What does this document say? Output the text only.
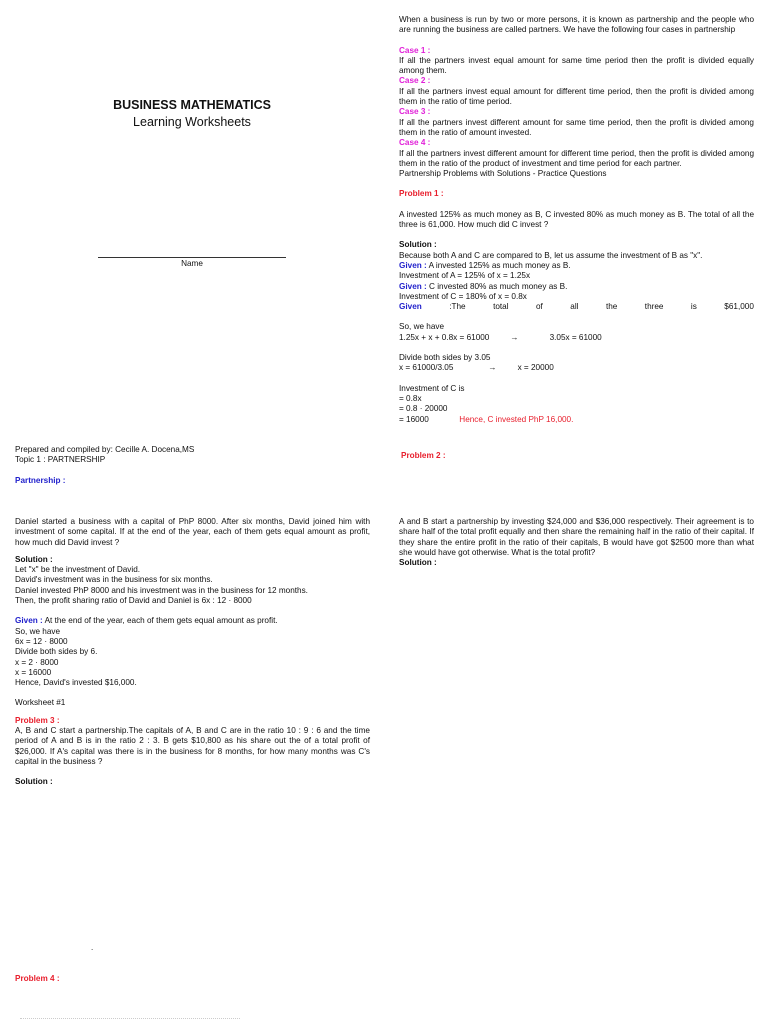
BUSINESS MATHEMATICS
Learning Worksheets
Name

Prepared and compiled by: Cecille A. Docena,MS

Topic 1 : PARTNERSHIP

Partnership :

Daniel started a business with a capital of PhP 8000. After six months, David joined him with investment of some capital. If at the end of the year, each of them gets equal amount as profit, how much did David invest ?

Solution :

Let "x" be the investment of David.

David's investment was in the business for six months.

Daniel invested PhP 8000 and his investment was in the business for 12 months.

Then, the profit sharing ratio of David and Daniel is 6x : 12 · 8000

Given : At the end of the year, each of them gets equal amount as profit.

So, we have

6x = 12 · 8000

Divide both sides by 6.

x = 2 · 8000

x = 16000

Hence, David's invested $16,000.

Worksheet #1

Problem 3 :

A, B and C start a partnership.The capitals of A, B and C are in the ratio 10 : 9 : 6 and the time period of A and B is in the ratio 2 : 3. B gets $10,800 as his share out the of a total profit of $26,000. If A's capital was there is in the business for 8 months, for how many months was C's capital in the business ?

Solution :

.
Problem 4 :

When a business is run by two or more persons, it is known as partnership and the people who are running the business are called partners. We have the following four cases in partnership

Case 1 :

If all the partners invest equal amount for same time period then the profit is divided equally among them.

Case 2 :

If all the partners invest equal amount for different time period, then the profit is divided among them in the ratio of time period.

Case 3 :

If all the partners invest different amount for same time period, then the profit is divided among them in the ratio of amount invested.

Case 4 :

If all the partners invest different amount for different time period, then the profit is divided among them in the ratio of the product of investment and time period for each partner.

Partnership Problems with Solutions - Practice Questions

Problem 1 :

A invested 125% as much money as B, C invested 80% as much money as B. The total of all the three is 61,000. How much did C invest ?

Solution :

Because both A and C are compared to B, let us assume the investment of B as "x".

Given : A invested 125% as much money as B.

Investment of A = 125% of x = 1.25x

Given : C invested 80% as much money as B.

Investment of C = 180% of x = 0.8x

Given	:The	total	of	all	the	three	is	$61,000

So, we have

1.25x + x + 0.8x = 61000	→	3.05x = 61000

Divide both sides by 3.05

x = 61000/3.05	→	x = 20000

Investment of C is

= 0.8x

= 0.8 · 20000

= 16000	Hence, C invested PhP 16,000.

Problem 2 :

A and B start a partnership by investing $24,000 and $36,000 respectively. Their agreement is to share half of the total profit equally and then share the remaining half in the ratio of their capital. If they share the entire profit in the ratio of their capitals, B would have got $2500 more than what she would have got otherwise. What is the total profit?

Solution :
